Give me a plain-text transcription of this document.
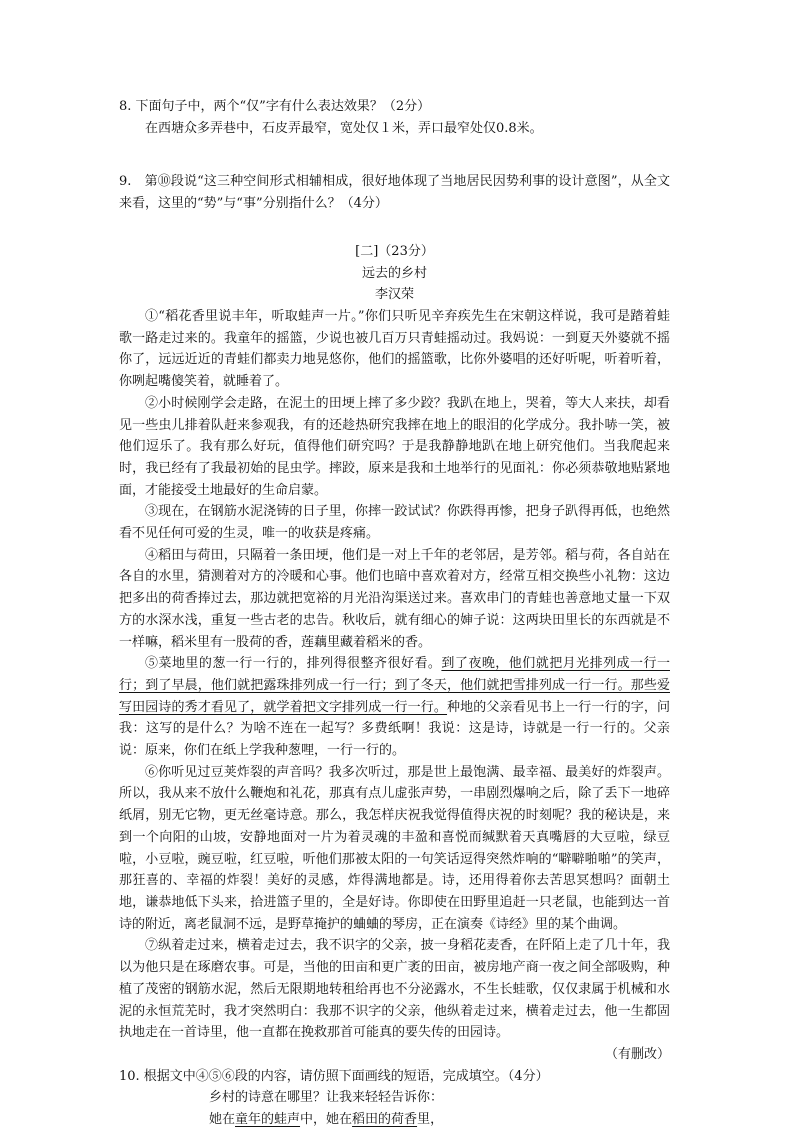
8. 下面句子中，两个“仅”字有什么表达效果？（2分）

在西塘众多弄巷中，石皮弄最窄，宽处仅１米，弄口最窄处仅0.8米。

9.　第⑩段说“这三种空间形式相辅相成，很好地体现了当地居民因势利事的设计意图”，从全文来看，这里的“势”与“事”分别指什么？（4分）

[二]（23分）

远去的乡村

李汉荣

①“稻花香里说丰年，听取蛙声一片。”你们只听见辛弃疾先生在宋朝这样说，我可是踏着蛙歌一路走过来的。我童年的摇篮，少说也被几百万只青蛙摇动过。我妈说：一到夏天外婆就不摇你了，远远近近的青蛙们都卖力地晃悠你，他们的摇篮歌，比你外婆唱的还好听呢，听着听着，你咧起嘴傻笑着，就睡着了。

②小时候刚学会走路，在泥土的田埂上摔了多少跤？我趴在地上，哭着，等大人来扶，却看见一些虫儿排着队赶来参观我，有的还趁热研究我摔在地上的眼泪的化学成分。我扑哧一笑，被他们逗乐了。我有那么好玩，值得他们研究吗？于是我静静地趴在地上研究他们。当我爬起来时，我已经有了我最初始的昆虫学。摔跤，原来是我和土地举行的见面礼：你必须恭敬地贴紧地面，才能接受土地最好的生命启蒙。

③现在，在钢筋水泥浇铸的日子里，你摔一跤试试？你跌得再惨，把身子趴得再低，也绝然看不见任何可爱的生灵，唯一的收获是疼痛。

④稻田与荷田，只隔着一条田埂，他们是一对上千年的老邻居，是芳邻。稻与荷，各自站在各自的水里，猜测着对方的冷暖和心事。他们也暗中喜欢着对方，经常互相交换些小礼物：这边把多出的荷香捧过去，那边就把宽裕的月光沿沟渠送过来。喜欢串门的青蛙也善意地丈量一下双方的水深水浅，重复一些古老的忠告。秋收后，就有细心的婶子说：这两块田里长的东西就是不一样嘛，稻米里有一股荷的香，莲藕里藏着稻米的香。

⑤菜地里的葱一行一行的，排列得很整齐很好看。到了夜晚，他们就把月光排列成一行一行；到了早晨，他们就把露珠排列成一行一行；到了冬天，他们就把雪排列成一行一行。那些爱写田园诗的秀才看见了，就学着把文字排列成一行一行。种地的父亲看见书上一行一行的字，问我：这写的是什么？为啥不连在一起写？多费纸啊！我说：这是诗，诗就是一行一行的。父亲说：原来，你们在纸上学我种葱哩，一行一行的。

⑥你听见过豆荚炸裂的声音吗？我多次听过，那是世上最饱满、最幸福、最美好的炸裂声。所以，我从来不放什么鞭炮和礼花，那真有点儿虚张声势，一串剧烈爆响之后，除了丢下一地碎纸屑，别无它物，更无丝毫诗意。那么，我怎样庆祝我觉得值得庆祝的时刻呢？我的秘诀是，来到一个向阳的山坡，安静地面对一片为着灵魂的丰盈和喜悦而缄默着天真嘴唇的大豆啦，绿豆啦，小豆啦，豌豆啦，红豆啦，听他们那被太阳的一句笑话逗得突然炸响的“噼噼啪啪”的笑声，那狂喜的、幸福的炸裂！美好的灵感，炸得满地都是。诗，还用得着你去苦思冥想吗？面朝土地，谦恭地低下头来，拾进篮子里的，全是好诗。你即使在田野里追赶一只老鼠，也能到达一首诗的附近，离老鼠洞不远，是野草掩护的蛐蛐的琴房，正在演奏《诗经》里的某个曲调。

⑦纵着走过来，横着走过去，我不识字的父亲，披一身稻花麦香，在阡陌上走了几十年，我以为他只是在琢磨农事。可是，当他的田亩和更广袤的田亩，被房地产商一夜之间全部吸购，种植了茂密的钢筋水泥，然后无限期地转租给再也不分泌露水，不生长蛙歌，仅仅隶属于机械和水泥的永恒荒芜时，我才突然明白：我那不识字的父亲，他纵着走过来，横着走过去，他一生都固执地走在一首诗里，他一直都在挽救那首可能真的要失传的田园诗。

（有删改）

10. 根据文中④⑤⑥段的内容，请仿照下面画线的短语，完成填空。（4分）

乡村的诗意在哪里？让我来轻轻告诉你：

她在童年的蛙声中，她在稻田的荷香里，
